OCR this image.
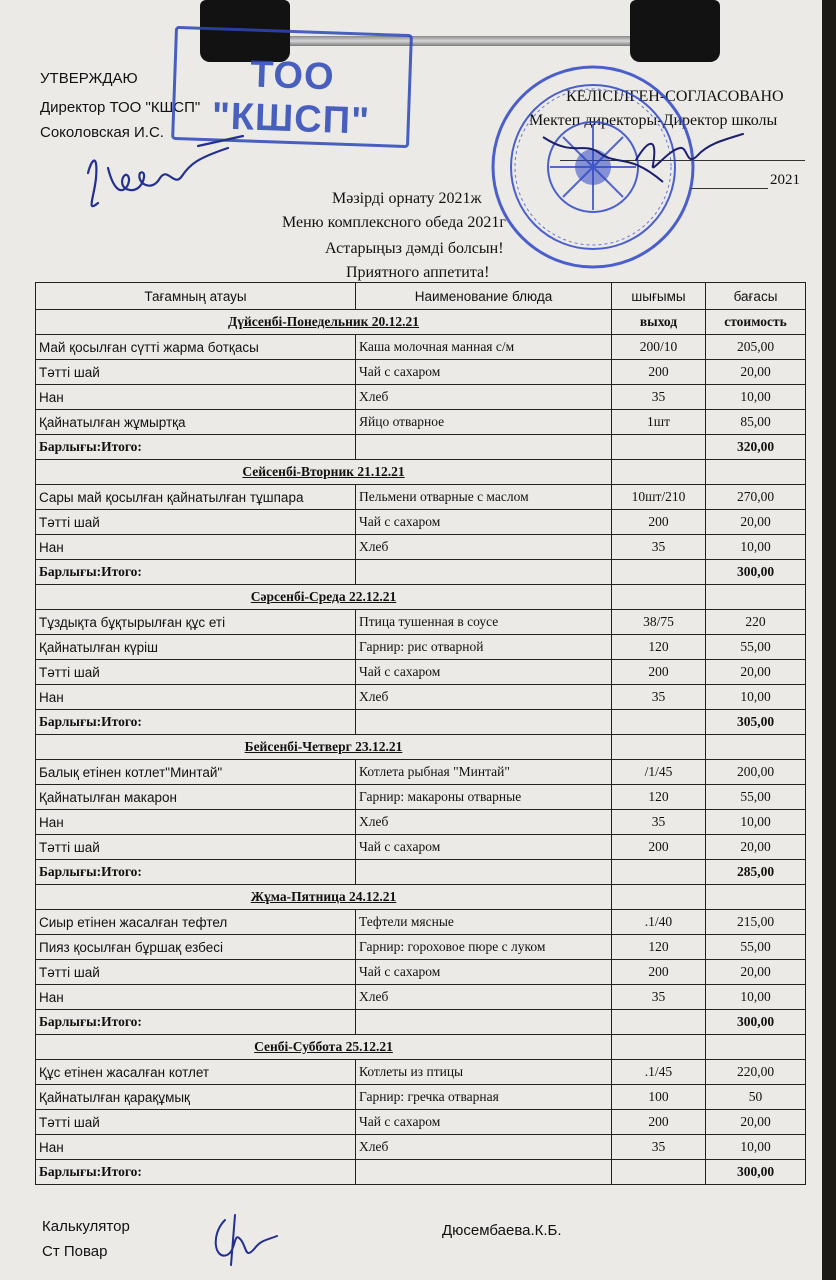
УТВЕРЖДАЮ
Директор ТОО "КШСП"
Соколовская И.С.
ТОО "КШСП"	КЕЛІСІЛГЕН-СОГЛАСОВАНО
Мектеп директоры-Директор школы
2021
Мәзірді орнату 2021ж
Меню комплексного обеда 2021г
Астарыңыз дәмді болсын!
Приятного аппетита!
Тағамның атауы	Наименование блюда	шығымы	бағасы
Дүйсенбі-Понедельник 20.12.21		выход	стоимость
Май қосылған сүтті жарма ботқасы	Каша молочная манная с/м	200/10	205,00
Тәтті шай	Чай с сахаром	200	20,00
Нан	Хлеб	35	10,00
Қайнатылған жұмыртқа	Яйцо отварное	1шт	85,00
Барлығы:Итого:			320,00
Сейсенбі-Вторник 21.12.21			
Сары май қосылған қайнатылған тұшпара	Пельмени отварные с маслом	10шт/210	270,00
Тәтті шай	Чай с сахаром	200	20,00
Нан	Хлеб	35	10,00
Барлығы:Итого:			300,00
Сәрсенбі-Среда 22.12.21			
Тұздықта бұқтырылған құс еті	Птица тушенная в соусе	38/75	220
Қайнатылған күріш	Гарнир: рис отварной	120	55,00
Тәтті шай	Чай с сахаром	200	20,00
Нан	Хлеб	35	10,00
Барлығы:Итого:			305,00
Бейсенбі-Четверг 23.12.21			
Балық етінен котлет"Минтай"	Котлета рыбная "Минтай"	/1/45	200,00
Қайнатылған макарон	Гарнир: макароны отварные	120	55,00
Нан	Хлеб	35	10,00
Тәтті шай	Чай с сахаром	200	20,00
Барлығы:Итого:			285,00
Жұма-Пятница 24.12.21			
Сиыр етінен жасалған тефтел	Тефтели мясные	.1/40	215,00
Пияз қосылған бұршақ езбесі	Гарнир: гороховое пюре с луком	120	55,00
Тәтті шай	Чай с сахаром	200	20,00
Нан	Хлеб	35	10,00
Барлығы:Итого:			300,00
Сенбі-Суббота 25.12.21			
Құс етінен жасалған котлет	Котлеты из птицы	.1/45	220,00
Қайнатылған қарақұмық	Гарнир: гречка отварная	100	50
Тәтті шай	Чай с сахаром	200	20,00
Нан	Хлеб	35	10,00
Барлығы:Итого:			300,00
Калькулятор
Ст Повар
Дюсембаева.К.Б.
